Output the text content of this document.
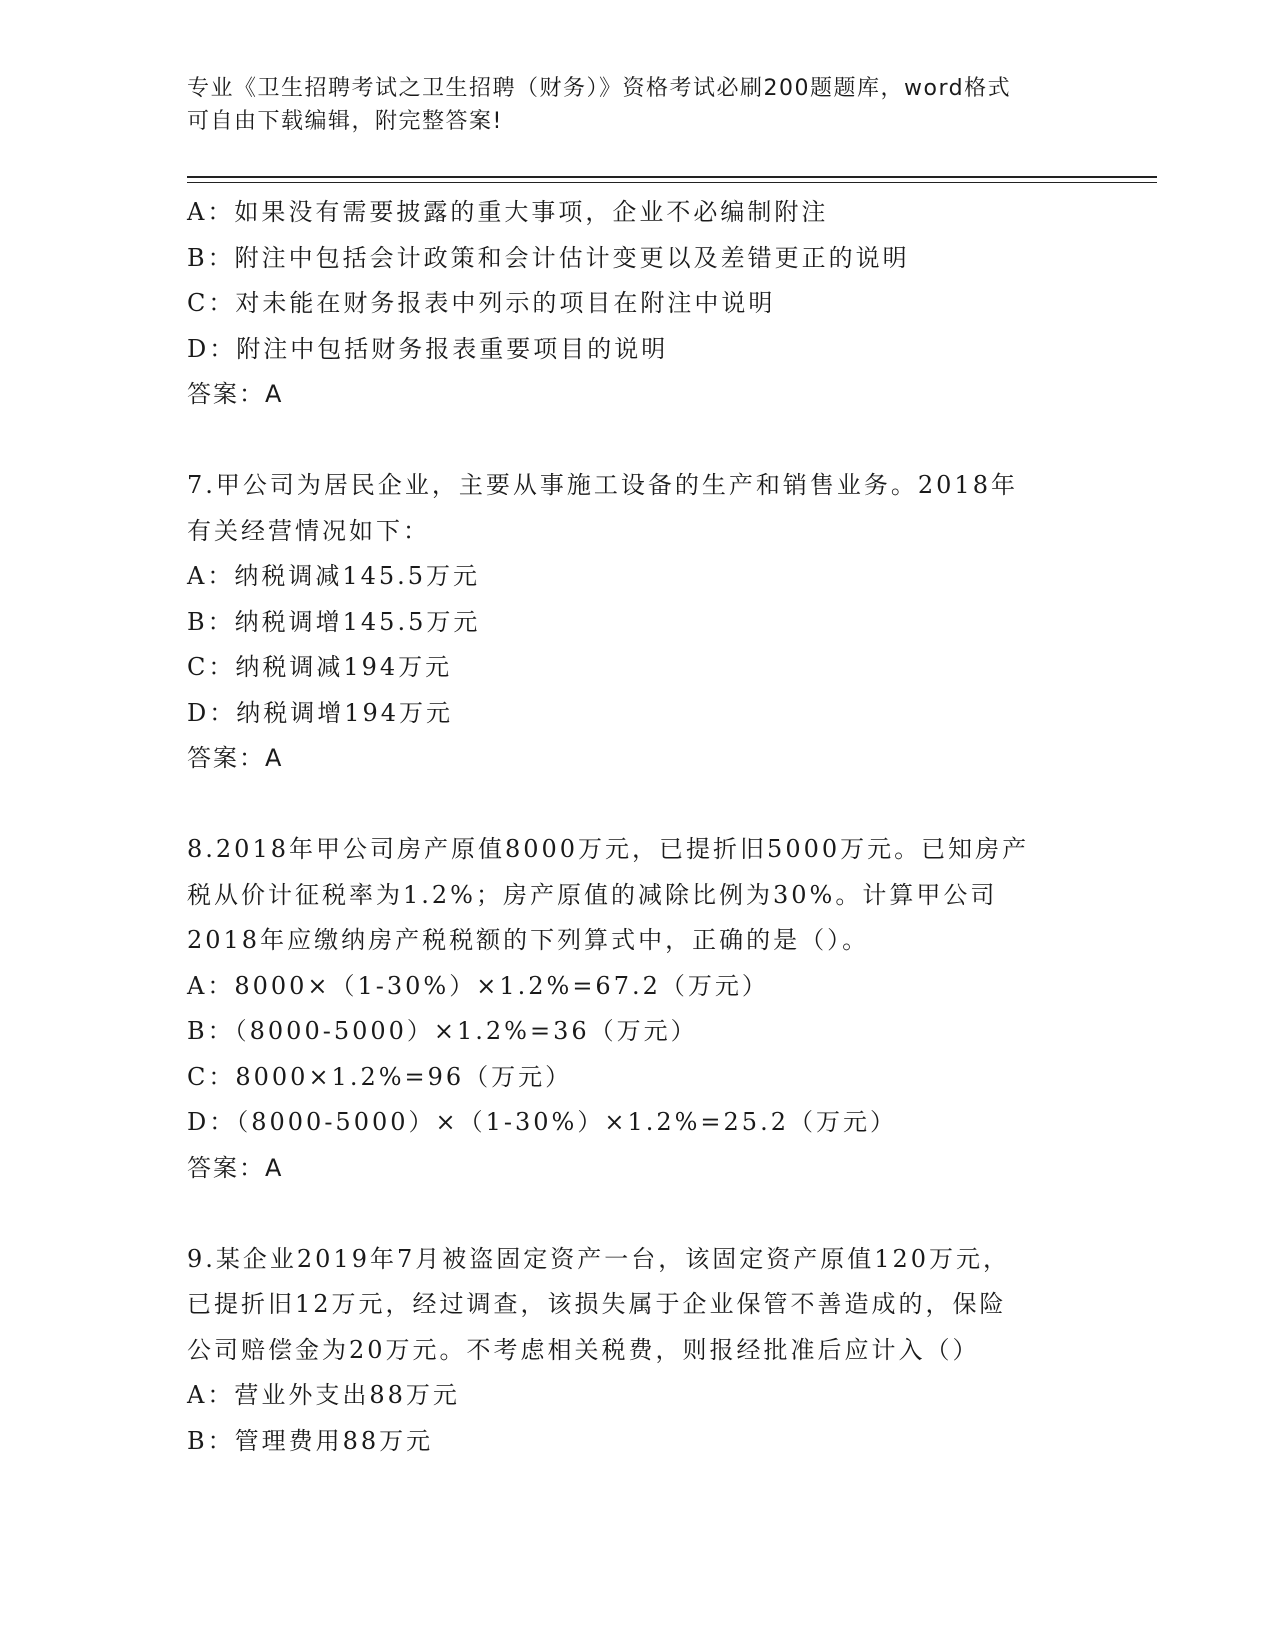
专业《卫生招聘考试之卫生招聘（财务）》资格考试必刷200题题库，word格式
可自由下载编辑，附完整答案!
A：如果没有需要披露的重大事项，企业不必编制附注
B：附注中包括会计政策和会计估计变更以及差错更正的说明
C：对未能在财务报表中列示的项目在附注中说明
D：附注中包括财务报表重要项目的说明
答案：A
7.甲公司为居民企业，主要从事施工设备的生产和销售业务。2018年
有关经营情况如下：
A：纳税调减145.5万元
B：纳税调增145.5万元
C：纳税调减194万元
D：纳税调增194万元
答案：A
8.2018年甲公司房产原值8000万元，已提折旧5000万元。已知房产
税从价计征税率为1.2%；房产原值的减除比例为30%。计算甲公司
2018年应缴纳房产税税额的下列算式中，正确的是（）。
A：8000×（1-30%）×1.2%=67.2（万元）
B：（8000-5000）×1.2%=36（万元）
C：8000×1.2%=96（万元）
D：（8000-5000）×（1-30%）×1.2%=25.2（万元）
答案：A
9.某企业2019年7月被盗固定资产一台，该固定资产原值120万元，
已提折旧12万元，经过调查，该损失属于企业保管不善造成的，保险
公司赔偿金为20万元。不考虑相关税费，则报经批准后应计入（）
A：营业外支出88万元
B：管理费用88万元
